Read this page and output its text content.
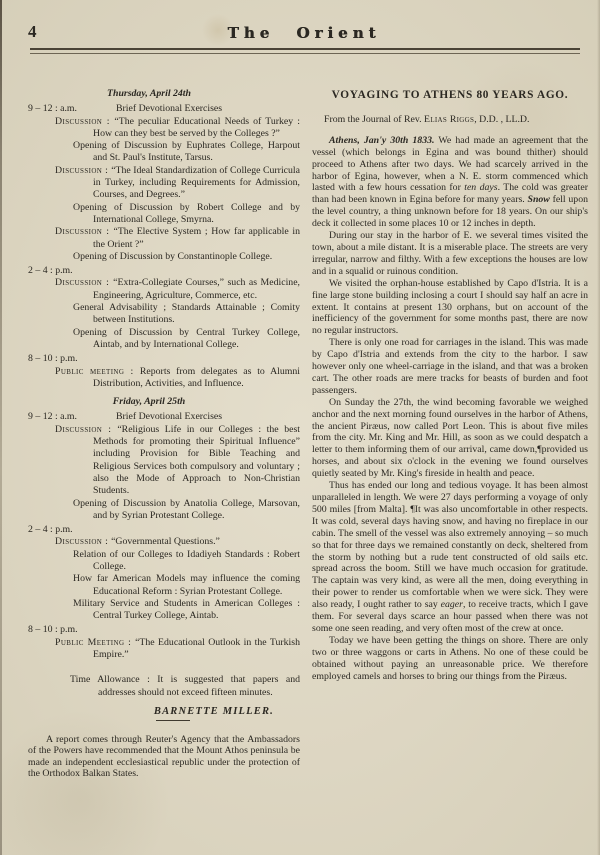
4	The Orient
Thursday, April 24th
9 – 12 : a.m.	Brief Devotional Exercises
Discussion : “The peculiar Educational Needs of Turkey : How can they best be served by the Colleges ?”
Opening of Discussion by Euphrates College, Harpout and St. Paul's Institute, Tarsus.
Discussion : “The Ideal Standardization of College Curricula in Turkey, including Requirements for Admission, Courses, and Degrees.”
Opening of Discussion by Robert College and by International College, Smyrna.
Discussion : “The Elective System ; How far applicable in the Orient ?”
Opening of Discussion by Constantinople College.
2 – 4 : p.m.
Discussion : “Extra-Collegiate Courses,” such as Medicine, Engineering, Agriculture, Commerce, etc.
General Advisability ; Standards Attainable ; Comity between Institutions.
Opening of Discussion by Central Turkey College, Aintab, and by International College.
8 – 10 : p.m.
Public meeting : Reports from delegates as to Alumni Distribution, Activities, and Influence.
Friday, April 25th
9 – 12 : a.m.	Brief Devotional Exercises
Discussion : “Religious Life in our Colleges : the best Methods for promoting their Spiritual Influence” including Provision for Bible Teaching and Religious Services both compulsory and voluntary ; also the Mode of Approach to Non-Christian Students.
Opening of Discussion by Anatolia College, Marsovan, and by Syrian Protestant College.
2 – 4 : p.m.
Discussion : “Governmental Questions.”
Relation of our Colleges to Idadiyeh Standards : Robert College.
How far American Models may influence the coming Educational Reform : Syrian Protestant College.
Military Service and Students in American Colleges : Central Turkey College, Aintab.
8 – 10 : p.m.
Public Meeting : “The Educational Outlook in the Turkish Empire.”
Time Allowance : It is suggested that papers and addresses should not exceed fifteen minutes.
BARNETTE MILLER.
A report comes through Reuter's Agency that the Ambassadors of the Powers have recommended that the Mount Athos peninsula be made an independent ecclesiastical republic under the protection of the Orthodox Balkan States.
VOYAGING TO ATHENS 80 YEARS AGO.
From the Journal of Rev. Elias Riggs, D.D. , LL.D.

Athens, Jan'y 30th 1833. We had made an agreement that the vessel (which belongs in Egina and was bound thither) should proceed to Athens after two days. We had scarcely arrived in the harbor of Egina, however, when a N. E. storm commenced which lasted with a few hours cessation for ten days. The cold was greater than had been known in Egina before for many years. Snow fell upon the level country, a thing unknown before for 18 years. On our ship's deck it collected in some places 10 or 12 inches in depth.

During our stay in the harbor of E. we several times visited the town, about a mile distant. It is a miserable place. The streets are very irregular, narrow and filthy. With a few exceptions the houses are low and in a squalid or ruinous condition.

We visited the orphan-house established by Capo d'Istria. It is a fine large stone building inclosing a court I should say half an acre in extent. It contains at present 130 orphans, but on account of the inefficiency of the government for some months past, there are now no regular instructors.

There is only one road for carriages in the island. This was made by Capo d'Istria and extends from the city to the harbor. I saw however only one wheel-carriage in the island, and that was a broken cart. The other roads are mere tracks for beasts of burden and foot passengers.

On Sunday the 27th, the wind becoming favorable we weighed anchor and the next morning found ourselves in the harbor of Athens, the ancient Piræus, now called Port Leon. This is about five miles from the city. Mr. King and Mr. Hill, as soon as we could despatch a letter to them informing them of our arrival, came down,¶provided us horses, and about six o'clock in the evening we found ourselves quietly seated by Mr. King's fireside in health and peace.

Thus has ended our long and tedious voyage. It has been almost unparalleled in length. We were 27 days performing a voyage of only 500 miles [from Malta]. ¶It was also uncomfortable in other respects. It was cold, several days having snow, and having no fireplace in our cabin. The smell of the vessel was also extremely annoying – so much so that for three days we remained constantly on deck, sheltered from the storm by nothing but a rude tent constructed of old sails etc. spread across the boom. Still we have much occasion for gratitude. The captain was very kind, as were all the men, doing everything in their power to render us comfortable when we were sick. They were also ready, I ought rather to say eager, to receive tracts, which I gave them. For several days scarce an hour passed when there was not some one seen reading, and very often most of the crew at once.

Today we have been getting the things on shore. There are only two or three waggons or carts in Athens. No one of these could be obtained without paying an unreasonable price. We therefore employed camels and horses to bring our things from the Piræus.
